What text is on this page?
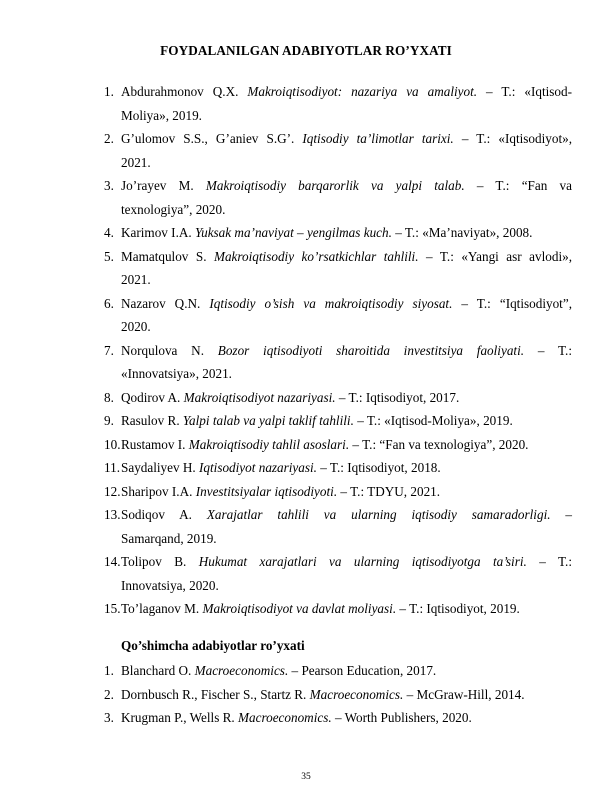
FOYDALANILGAN ADABIYOTLAR RO’YXATI
1. Abdurahmonov Q.X. Makroiqtisodiyot: nazariya va amaliyot. – T.: «Iqtisod-
Moliya», 2019.
2. G’ulomov S.S., G’aniev S.G’. Iqtisodiy ta’limotlar tarixi. – T.: «Iqtisodiyot»,
2021.
3. Jo’rayev M. Makroiqtisodiy barqarorlik va yalpi talab. – T.: “Fan va
texnologiya”, 2020.
4. Karimov I.A. Yuksak ma’naviyat – yengilmas kuch. – T.: «Ma’naviyat», 2008.
5. Mamatqulov S. Makroiqtisodiy ko’rsatkichlar tahlili. – T.: «Yangi asr avlodi»,
2021.
6. Nazarov Q.N. Iqtisodiy o’sish va makroiqtisodiy siyosat. – T.: “Iqtisodiyot”,
2020.
7. Norqulova N. Bozor iqtisodiyoti sharoitida investitsiya faoliyati. – T.:
«Innovatsiya», 2021.
8. Qodirov A. Makroiqtisodiyot nazariyasi. – T.: Iqtisodiyot, 2017.
9. Rasulov R. Yalpi talab va yalpi taklif tahlili. – T.: «Iqtisod-Moliya», 2019.
10. Rustamov I. Makroiqtisodiy tahlil asoslari. – T.: “Fan va texnologiya”, 2020.
11. Saydaliyev H. Iqtisodiyot nazariyasi. – T.: Iqtisodiyot, 2018.
12. Sharipov I.A. Investitsiyalar iqtisodiyoti. – T.: TDYU, 2021.
13. Sodiqov A. Xarajatlar tahlili va ularning iqtisodiy samaradorligi. –
Samarqand, 2019.
14. Tolipov B. Hukumat xarajatlari va ularning iqtisodiyotga ta’siri. – T.:
Innovatsiya, 2020.
15. To’laganov M. Makroiqtisodiyot va davlat moliyasi. – T.: Iqtisodiyot, 2019.
Qo’shimcha adabiyotlar ro’yxati
1. Blanchard O. Macroeconomics. – Pearson Education, 2017.
2. Dornbusch R., Fischer S., Startz R. Macroeconomics. – McGraw-Hill, 2014.
3. Krugman P., Wells R. Macroeconomics. – Worth Publishers, 2020.
35
